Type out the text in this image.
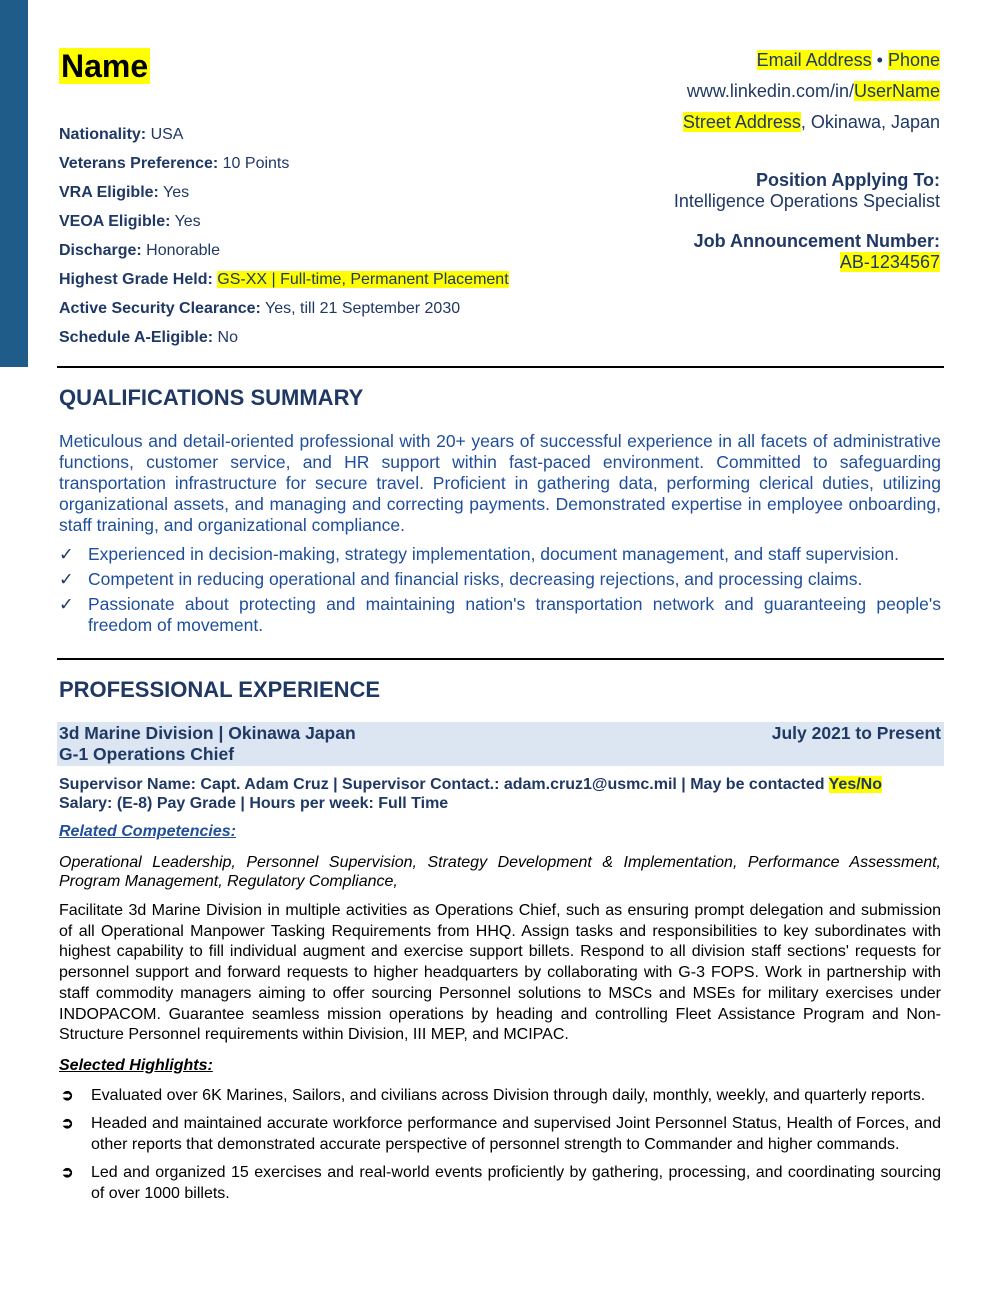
Name	Email Address • Phone
www.linkedin.com/in/UserName
Street Address, Okinawa, Japan
Position Applying To:
Intelligence Operations Specialist
Job Announcement Number:
AB-1234567
Nationality: USA
Veterans Preference: 10 Points
VRA Eligible: Yes
VEOA Eligible: Yes
Discharge: Honorable
Highest Grade Held: GS-XX | Full-time, Permanent Placement
Active Security Clearance: Yes, till 21 September 2030
Schedule A-Eligible: No
QUALIFICATIONS SUMMARY

Meticulous and detail-oriented professional with 20+ years of successful experience in all facets of administrative functions, customer service, and HR support within fast-paced environment. Committed to safeguarding transportation infrastructure for secure travel. Proficient in gathering data, performing clerical duties, utilizing organizational assets, and managing and correcting payments. Demonstrated expertise in employee onboarding, staff training, and organizational compliance.

✓ Experienced in decision-making, strategy implementation, document management, and staff supervision.
✓ Competent in reducing operational and financial risks, decreasing rejections, and processing claims.
✓ Passionate about protecting and maintaining nation's transportation network and guaranteeing people's freedom of movement.
PROFESSIONAL EXPERIENCE
3d Marine Division | Okinawa Japan
G-1 Operations Chief
July 2021 to Present
Supervisor Name: Capt. Adam Cruz | Supervisor Contact.: adam.cruz1@usmc.mil | May be contacted Yes/No
Salary: (E-8) Pay Grade | Hours per week: Full Time
Related Competencies:

Operational Leadership, Personnel Supervision, Strategy Development & Implementation, Performance Assessment, Program Management, Regulatory Compliance,

Facilitate 3d Marine Division in multiple activities as Operations Chief, such as ensuring prompt delegation and submission of all Operational Manpower Tasking Requirements from HHQ. Assign tasks and responsibilities to key subordinates with highest capability to fill individual augment and exercise support billets. Respond to all division staff sections' requests for personnel support and forward requests to higher headquarters by collaborating with G-3 FOPS. Work in partnership with staff commodity managers aiming to offer sourcing Personnel solutions to MSCs and MSEs for military exercises under INDOPACOM. Guarantee seamless mission operations by heading and controlling Fleet Assistance Program and Non-Structure Personnel requirements within Division, III MEP, and MCIPAC.

Selected Highlights:
➲ Evaluated over 6K Marines, Sailors, and civilians across Division through daily, monthly, weekly, and quarterly reports.
➲ Headed and maintained accurate workforce performance and supervised Joint Personnel Status, Health of Forces, and other reports that demonstrated accurate perspective of personnel strength to Commander and higher commands.
➲ Led and organized 15 exercises and real-world events proficiently by gathering, processing, and coordinating sourcing of over 1000 billets.
